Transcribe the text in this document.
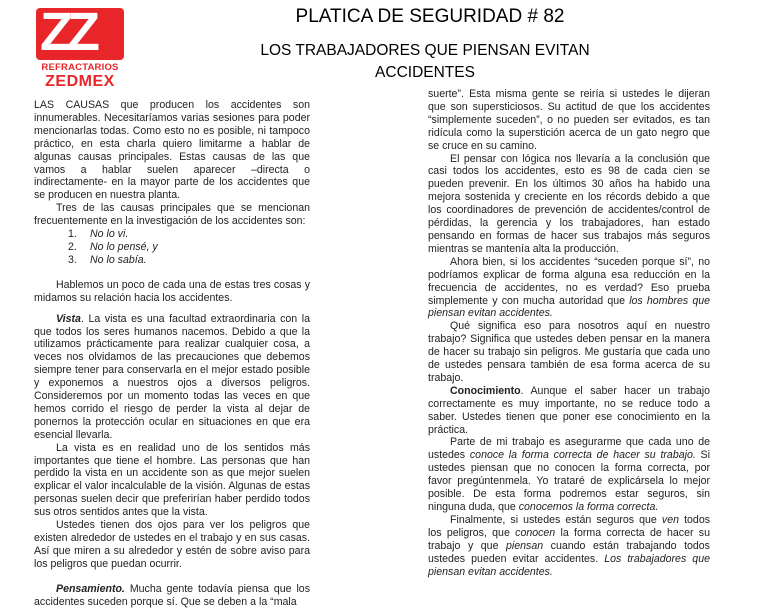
ZZ
REFRACTARIOS
ZEDMEX
PLATICA DE SEGURIDAD # 82
LOS TRABAJADORES QUE PIENSAN EVITAN
ACCIDENTES

LAS CAUSAS que producen los accidentes son innumerables. Necesitaríamos varias sesiones para poder mencionarlas todas. Como esto no es posible, ni tampoco práctico, en esta charla quiero limitarme a hablar de algunas causas principales. Estas causas de las que vamos a hablar suelen aparecer –directa o indirectamente- en la mayor parte de los accidentes que se producen en nuestra planta.

Tres de las causas principales que se mencionan frecuentemente en la investigación de los accidentes son:

1. No lo vi.
2. No lo pensé, y
3. No lo sabía.

Hablemos un poco de cada una de estas tres cosas y midamos su relación hacia los accidentes.

Vista. La vista es una facultad extraordinaria con la que todos los seres humanos nacemos. Debido a que la utilizamos prácticamente para realizar cualquier cosa, a veces nos olvidamos de las precauciones que debemos siempre tener para conservarla en el mejor estado posible y exponemos a nuestros ojos a diversos peligros. Consideremos por un momento todas las veces en que hemos corrido el riesgo de perder la vista al dejar de ponernos la protección ocular en situaciones en que era esencial llevarla.

La vista es en realidad uno de los sentidos más importantes que tiene el hombre. Las personas que han perdido la vista en un accidente son as que mejor suelen explicar el valor incalculable de la visión. Algunas de estas personas suelen decir que preferirían haber perdido todos sus otros sentidos antes que la vista.

Ustedes tienen dos ojos para ver los peligros que existen alrededor de ustedes en el trabajo y en sus casas. Así que miren a su alrededor y estén de sobre aviso para los peligros que puedan ocurrir.

Pensamiento. Mucha gente todavía piensa que los accidentes suceden porque sí. Que se deben a la “mala

suerte”. Esta misma gente se reiría si ustedes le dijeran que son supersticiosos. Su actitud de que los accidentes “simplemente suceden”, o no pueden ser evitados, es tan ridícula como la superstición acerca de un gato negro que se cruce en su camino.

El pensar con lógica nos llevaría a la conclusión que casi todos los accidentes, esto es 98 de cada cien se pueden prevenir. En los últimos 30 años ha habido una mejora sostenida y creciente en los récords debido a que los coordinadores de prevención de accidentes/control de pérdidas, la gerencia y los trabajadores, han estado pensando en formas de hacer sus trabajos más seguros mientras se mantenía alta la producción.

Ahora bien, si los accidentes “suceden porque sí”, no podríamos explicar de forma alguna esa reducción en la frecuencia de accidentes, no es verdad? Eso prueba simplemente y con mucha autoridad que los hombres que piensan evitan accidentes.

Qué significa eso para nosotros aquí en nuestro trabajo? Significa que ustedes deben pensar en la manera de hacer su trabajo sin peligros. Me gustaría que cada uno de ustedes pensara también de esa forma acerca de su trabajo.

Conocimiento. Aunque el saber hacer un trabajo correctamente es muy importante, no se reduce todo a saber. Ustedes tienen que poner ese conocimiento en la práctica.

Parte de mi trabajo es asegurarme que cada uno de ustedes conoce la forma correcta de hacer su trabajo. Si ustedes piensan que no conocen la forma correcta, por favor pregúntenmela. Yo trataré de explicársela lo mejor posible. De esta forma podremos estar seguros, sin ninguna duda, que conocemos la forma correcta.

Finalmente, si ustedes están seguros que ven todos los peligros, que conocen la forma correcta de hacer su trabajo y que piensan cuando están trabajando todos ustedes pueden evitar accidentes. Los trabajadores que piensan evitan accidentes.
